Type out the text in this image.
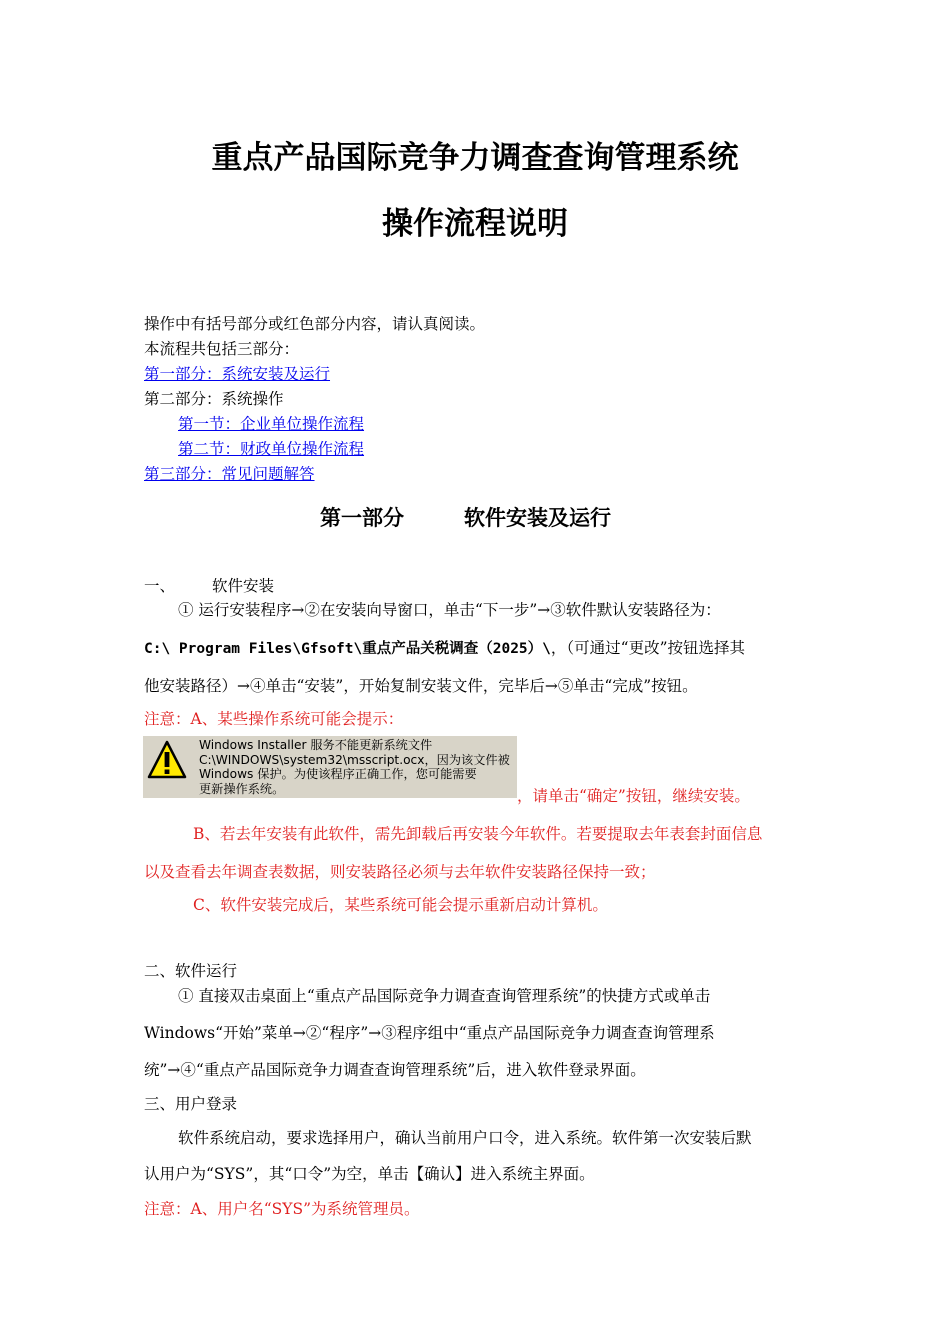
重点产品国际竞争力调查查询管理系统
操作流程说明
操作中有括号部分或红色部分内容，请认真阅读。
本流程共包括三部分：
第一部分：系统安装及运行
第二部分：系统操作
第一节：企业单位操作流程
第二节：财政单位操作流程
第三部分：常见问题解答
第一部分	软件安装及运行
一、 软件安装
① 运行安装程序→②在安装向导窗口，单击“下一步”→③软件默认安装路径为：
C:\ Program Files\Gfsoft\重点产品关税调查（2025）\，（可通过“更改”按钮选择其
他安装路径）→④单击“安装”，开始复制安装文件，完毕后→⑤单击“完成”按钮。
注意：A、某些操作系统可能会提示：
Windows Installer 服务不能更新系统文件
C:\WINDOWS\system32\msscript.ocx，因为该文件被
Windows 保护。为使该程序正确工作，您可能需要
更新操作系统。	，请单击“确定”按钮，继续安装。
B、若去年安装有此软件，需先卸载后再安装今年软件。若要提取去年表套封面信息
以及查看去年调查表数据，则安装路径必须与去年软件安装路径保持一致；
C、软件安装完成后，某些系统可能会提示重新启动计算机。
二、软件运行
① 直接双击桌面上“重点产品国际竞争力调查查询管理系统”的快捷方式或单击
Windows“开始”菜单→②“程序”→③程序组中“重点产品国际竞争力调查查询管理系
统”→④“重点产品国际竞争力调查查询管理系统”后，进入软件登录界面。
三、用户登录
软件系统启动，要求选择用户，确认当前用户口令，进入系统。软件第一次安装后默
认用户为“SYS”，其“口令”为空，单击【确认】进入系统主界面。
注意：A、用户名“SYS”为系统管理员。
